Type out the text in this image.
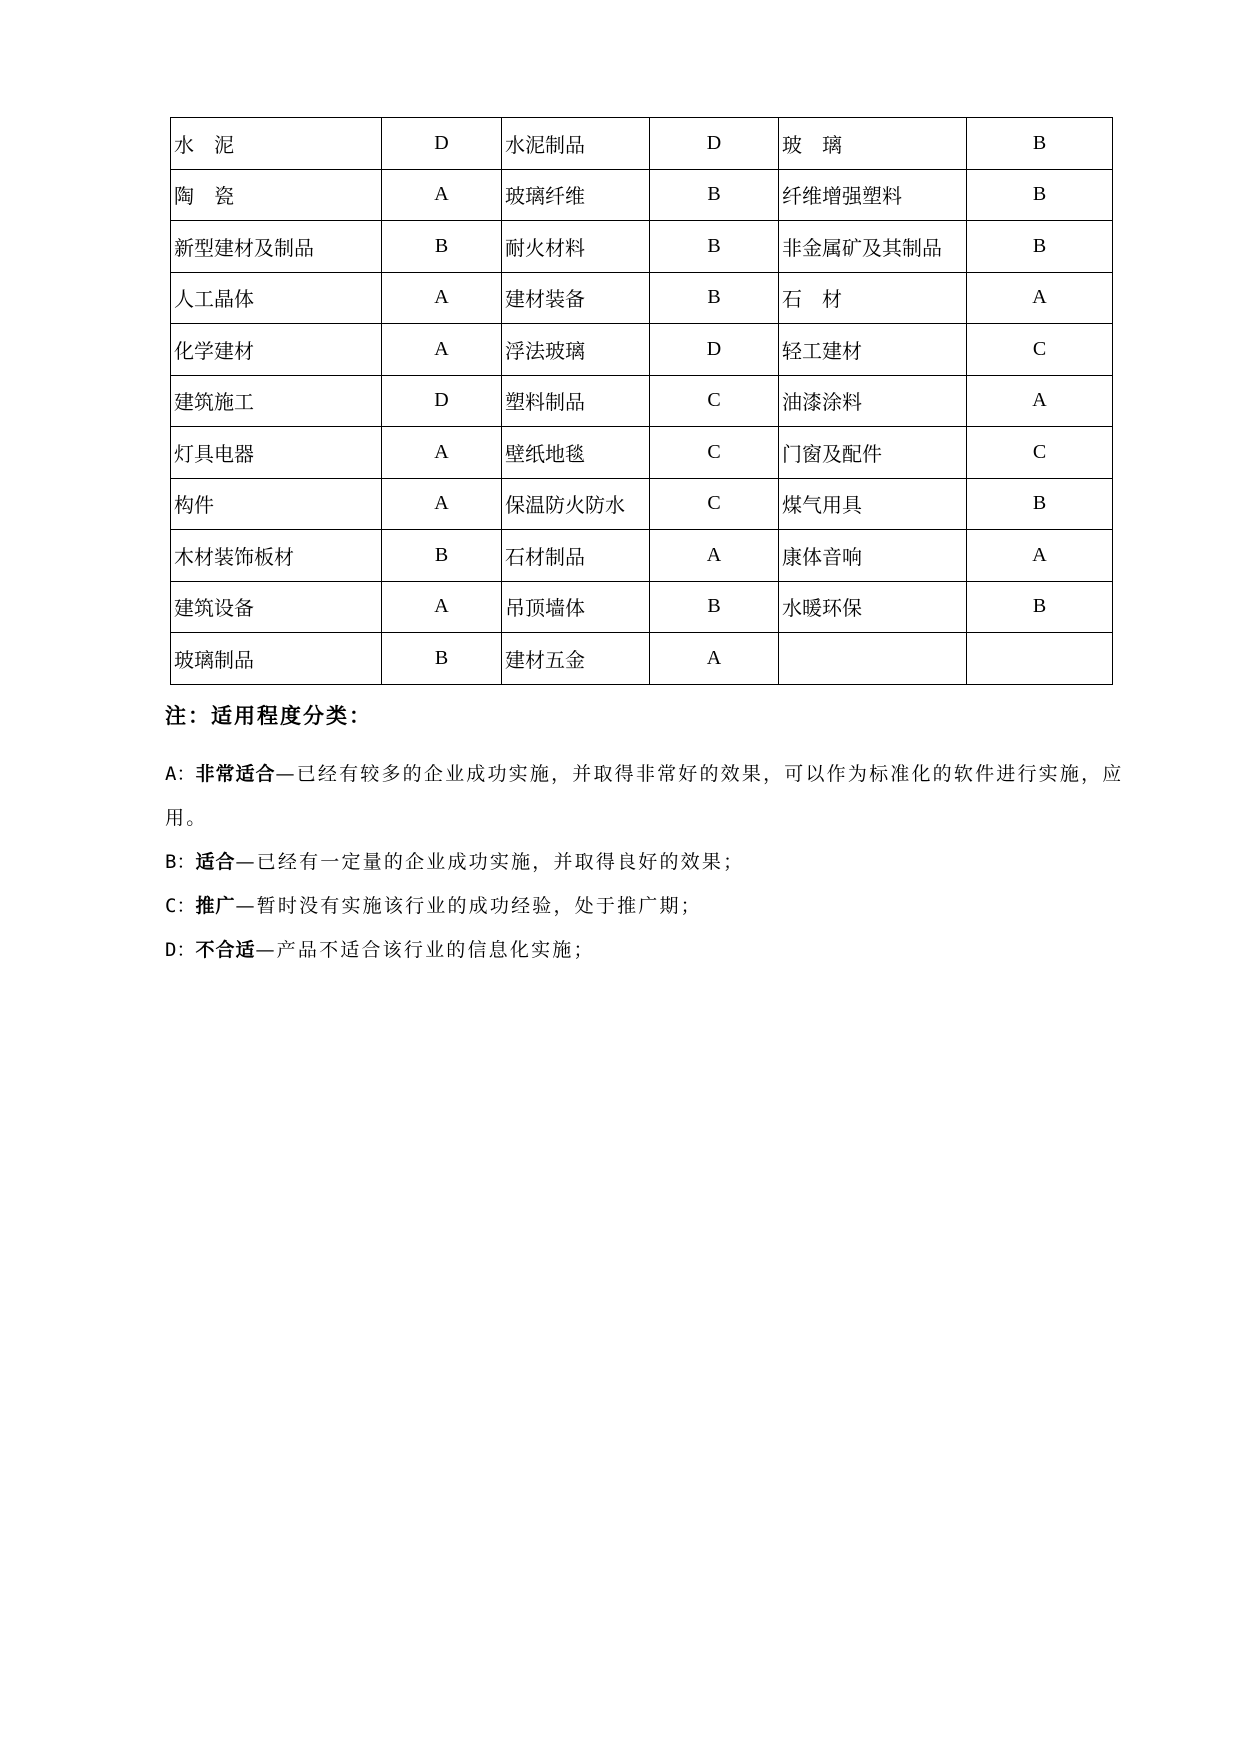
水　泥	D	水泥制品	D	玻　璃	B
陶　瓷	A	玻璃纤维	B	纤维增强塑料	B
新型建材及制品	B	耐火材料	B	非金属矿及其制品	B
人工晶体	A	建材装备	B	石　材	A
化学建材	A	浮法玻璃	D	轻工建材	C
建筑施工	D	塑料制品	C	油漆涂料	A
灯具电器	A	壁纸地毯	C	门窗及配件	C
构件	A	保温防火防水	C	煤气用具	B
木材装饰板材	B	石材制品	A	康体音响	A
建筑设备	A	吊顶墙体	B	水暖环保	B
玻璃制品	B	建材五金	A		

注：适用程度分类：

A：非常适合—已经有较多的企业成功实施，并取得非常好的效果，可以作为标准化的软件进行实施，应用。

B：适合—已经有一定量的企业成功实施，并取得良好的效果；

C：推广—暂时没有实施该行业的成功经验，处于推广期；

D：不合适—产品不适合该行业的信息化实施；
